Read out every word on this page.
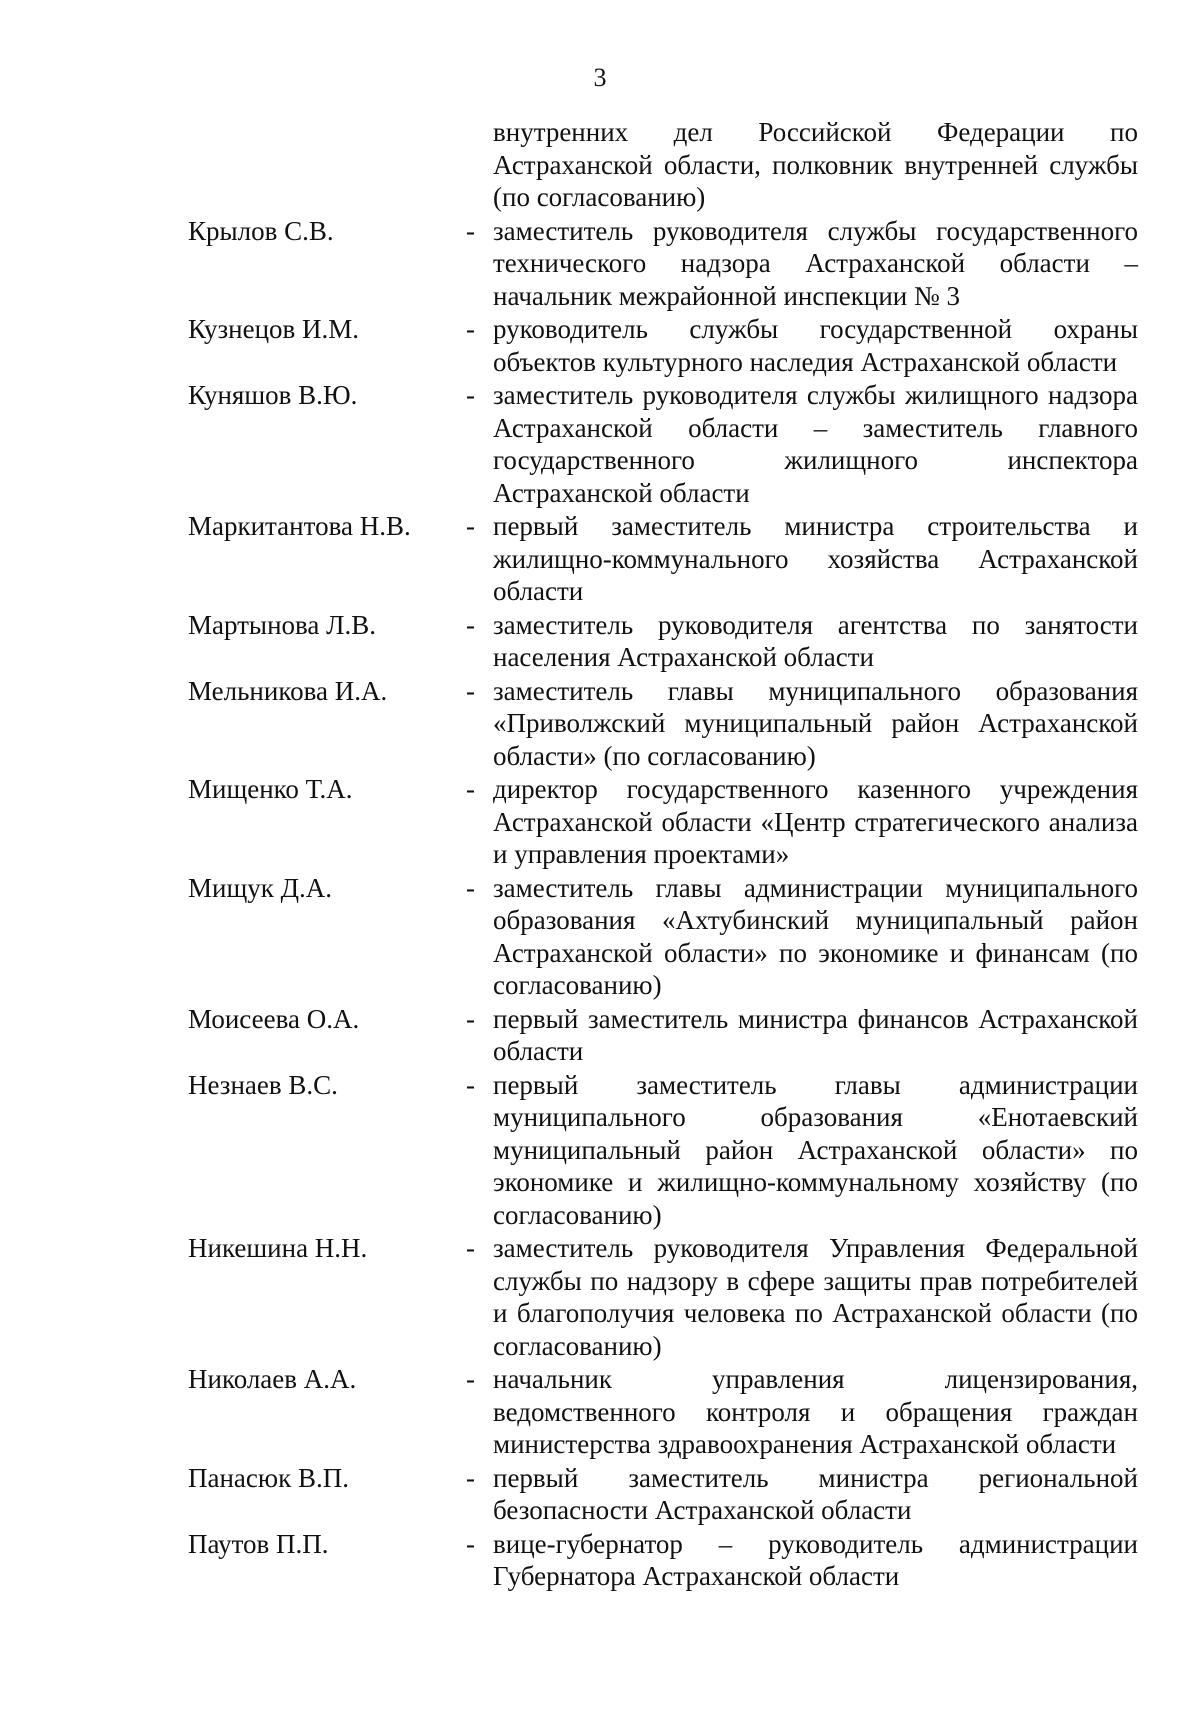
3
внутренних дел Российской Федерации по Астраханской области, полковник внутренней службы (по согласованию)
Крылов С.В.	- заместитель руководителя службы государственного технического надзора Астраханской области – начальник межрайонной инспекции № 3
Кузнецов И.М.	- руководитель службы государственной охраны объектов культурного наследия Астраханской области
Куняшов В.Ю.	- заместитель руководителя службы жилищного надзора Астраханской области – заместитель главного государственного жилищного инспектора Астраханской области
Маркитантова Н.В.	- первый заместитель министра строительства и жилищно-коммунального хозяйства Астраханской области
Мартынова Л.В.	- заместитель руководителя агентства по занятости населения Астраханской области
Мельникова И.А.	- заместитель главы муниципального образования «Приволжский муниципальный район Астраханской области» (по согласованию)
Мищенко Т.А.	- директор государственного казенного учреждения Астраханской области «Центр стратегического анализа и управления проектами»
Мищук Д.А.	- заместитель главы администрации муниципального образования «Ахтубинский муниципальный район Астраханской области» по экономике и финансам (по согласованию)
Моисеева О.А.	- первый заместитель министра финансов Астраханской области
Незнаев В.С.	- первый заместитель главы администрации муниципального образования «Енотаевский муниципальный район Астраханской области» по экономике и жилищно-коммунальному хозяйству (по согласованию)
Никешина Н.Н.	- заместитель руководителя Управления Федеральной службы по надзору в сфере защиты прав потребителей и благополучия человека по Астраханской области (по согласованию)
Николаев А.А.	- начальник управления лицензирования, ведомственного контроля и обращения граждан министерства здравоохранения Астраханской области
Панасюк В.П.	- первый заместитель министра региональной безопасности Астраханской области
Паутов П.П.	- вице-губернатор – руководитель администрации Губернатора Астраханской области
